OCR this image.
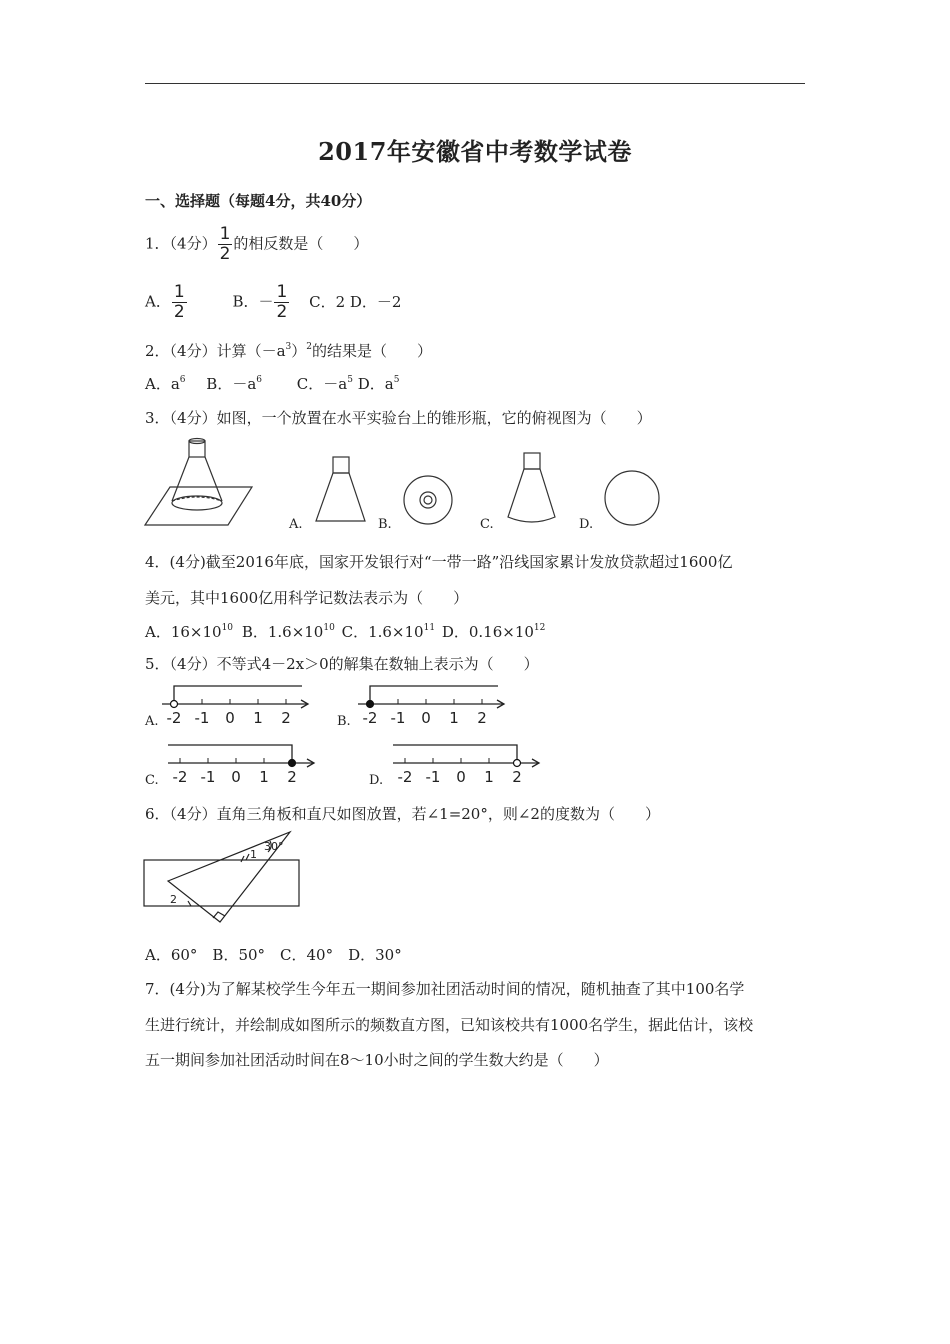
2017年安徽省中考数学试卷
一、选择题（每题4分，共40分）
1．（4分） $\frac{1}{2}$ 的相反数是（　　）
A． $\frac{1}{2}$	B．－ $\frac{1}{2}$ C．2 D．－2
2．（4分）计算$(-a^3)^2$的结果是（　　）
A．$a^6$ B．$-a^6$ C．$-a^5$ D．$a^5$
3．（4分）如图，一个放置在水平实验台上的锥形瓶，它的俯视图为（　　）
A.	B.	C.	D.
4．(4分)截至2016年底，国家开发银行对“一带一路”沿线国家累计发放贷款超过1600亿
美元，其中1600亿用科学记数法表示为（　　）
A．$16\times 10^{10}$ B．$1.6\times 10^{10}$ C．$1.6\times 10^{11}$ D．$0.16\times 10^{12}$
5．（4分）不等式4－2x＞0的解集在数轴上表示为（　　）
A.	B.
C.	D.
-2 -1 0 1 2	-2 -1 0 1 2
-2 -1 0 1 2	-2 -1 0 1 2
6．（4分）直角三角板和直尺如图放置，若∠1=20°，则∠2的度数为（　　）
30°
1
2
A．60°　B．50°　C．40°　D．30°
7．(4分)为了解某校学生今年五一期间参加社团活动时间的情况，随机抽查了其中100名学
生进行统计，并绘制成如图所示的频数直方图，已知该校共有1000名学生，据此估计，该校
五一期间参加社团活动时间在8～10小时之间的学生数大约是（　　）
